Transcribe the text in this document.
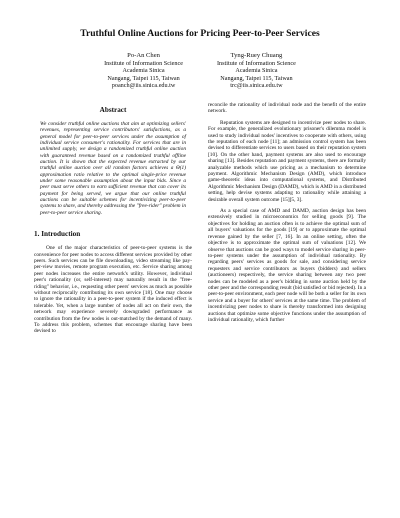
Truthful Online Auctions for Pricing Peer-to-Peer Services
Po-An Chen
Institute of Information Science
Academia Sinica
Nangang, Taipei 115, Taiwan
poanch@iis.sinica.edu.tw
Tyng-Ruey Chuang
Institute of Information Science
Academia Sinica
Nangang, Taipei 115, Taiwan
trc@iis.sinica.edu.tw
Abstract

We consider truthful online auctions that aim at optimizing sellers' revenues, representing service contributors' satisfactions, as a general model for peer-to-peer services under the assumption of individual service consumer's rationality. For services that are in unlimited supply, we design a randomized truthful online auction with guaranteed revenue based on a randomized truthful offline auction. It is shown that the expected revenue extracted by our truthful online auction over all random factors achieves a Θ(1) approximation ratio relative to the optimal single-price revenue under some reasonable assumption about the input bids. Since a peer must serve others to earn sufficient revenue that can cover its payment for being served, we argue that our online truthful auctions can be suitable schemes for incentivizing peer-to-peer systems to share, and thereby addressing the "free-rider" problem in peer-to-peer service sharing.

1. Introduction

One of the major characteristics of peer-to-peer systems is the convenience for peer nodes to access different services provided by other peers. Such services can be file downloading, video streaming like pay-per-view movies, remote program execution, etc. Service sharing among peer nodes increases the entire network's utility. However, individual peer's rationality (or, self-interest) may naturally result in the "free-riding" behavior, i.e., requesting other peers' services as much as possible without reciprocally contributing its own service [18]. One may choose to ignore the rationality in a peer-to-peer system if the induced effect is tolerable. Yet, when a large number of nodes all act on their own, the network may experience severely downgraded performance as contribution from the few nodes is out-matched by the demand of many. To address this problem, schemes that encourage sharing have been devised to

reconcile the rationality of individual node and the benefit of the entire network.

Reputation systems are designed to incentivize peer nodes to share. For example, the generalized evolutionary prisoner's dilemma model is used to study individual nodes' incentives to cooperate with others, using the reputation of each node [11]; an admission control system has been devised to differentiate services to users based on their reputation system [10]. On the other hand, payment systems are also used to encourage sharing [13]. Besides reputation and payment systems, there are formally analyzable methods which use pricing as a mechanism to determine payment. Algorithmic Mechanism Design (AMD), which introduce game-theoretic ideas into computational systems, and Distributed Algorithmic Mechanism Design (DAMD), which is AMD in a distributed setting, help devise systems adapting to rationality while attaining a desirable overall system outcome [15][5, 3].

As a special case of AMD and DAMD, auction design has been extensively studied in microeconomics for selling goods [9]. The objectives for holding an auction often is to achieve the optimal sum of all buyers' valuations for the goods [19] or to approximate the optimal revenue gained by the seller [7, 16]. In an online setting, often the objective is to approximate the optimal sum of valuations [12]. We observe that auctions can be good ways to model service sharing in peer-to-peer systems under the assumption of individual rationality. By regarding peers' services as goods for sale, and considering service requesters and service contributors as buyers (bidders) and sellers (auctioneers) respectively, the service sharing between any two peer nodes can be modeled as a peer's bidding in some auction held by the other peer and the corresponding result (bid satisfied or bid rejected). In a peer-to-peer environment, each peer node will be both a seller for its own service and a buyer for others' services at the same time. The problem of incentivizing peer nodes to share is thereby transformed into designing auctions that optimize some objective functions under the assumption of individual rationality, which further
